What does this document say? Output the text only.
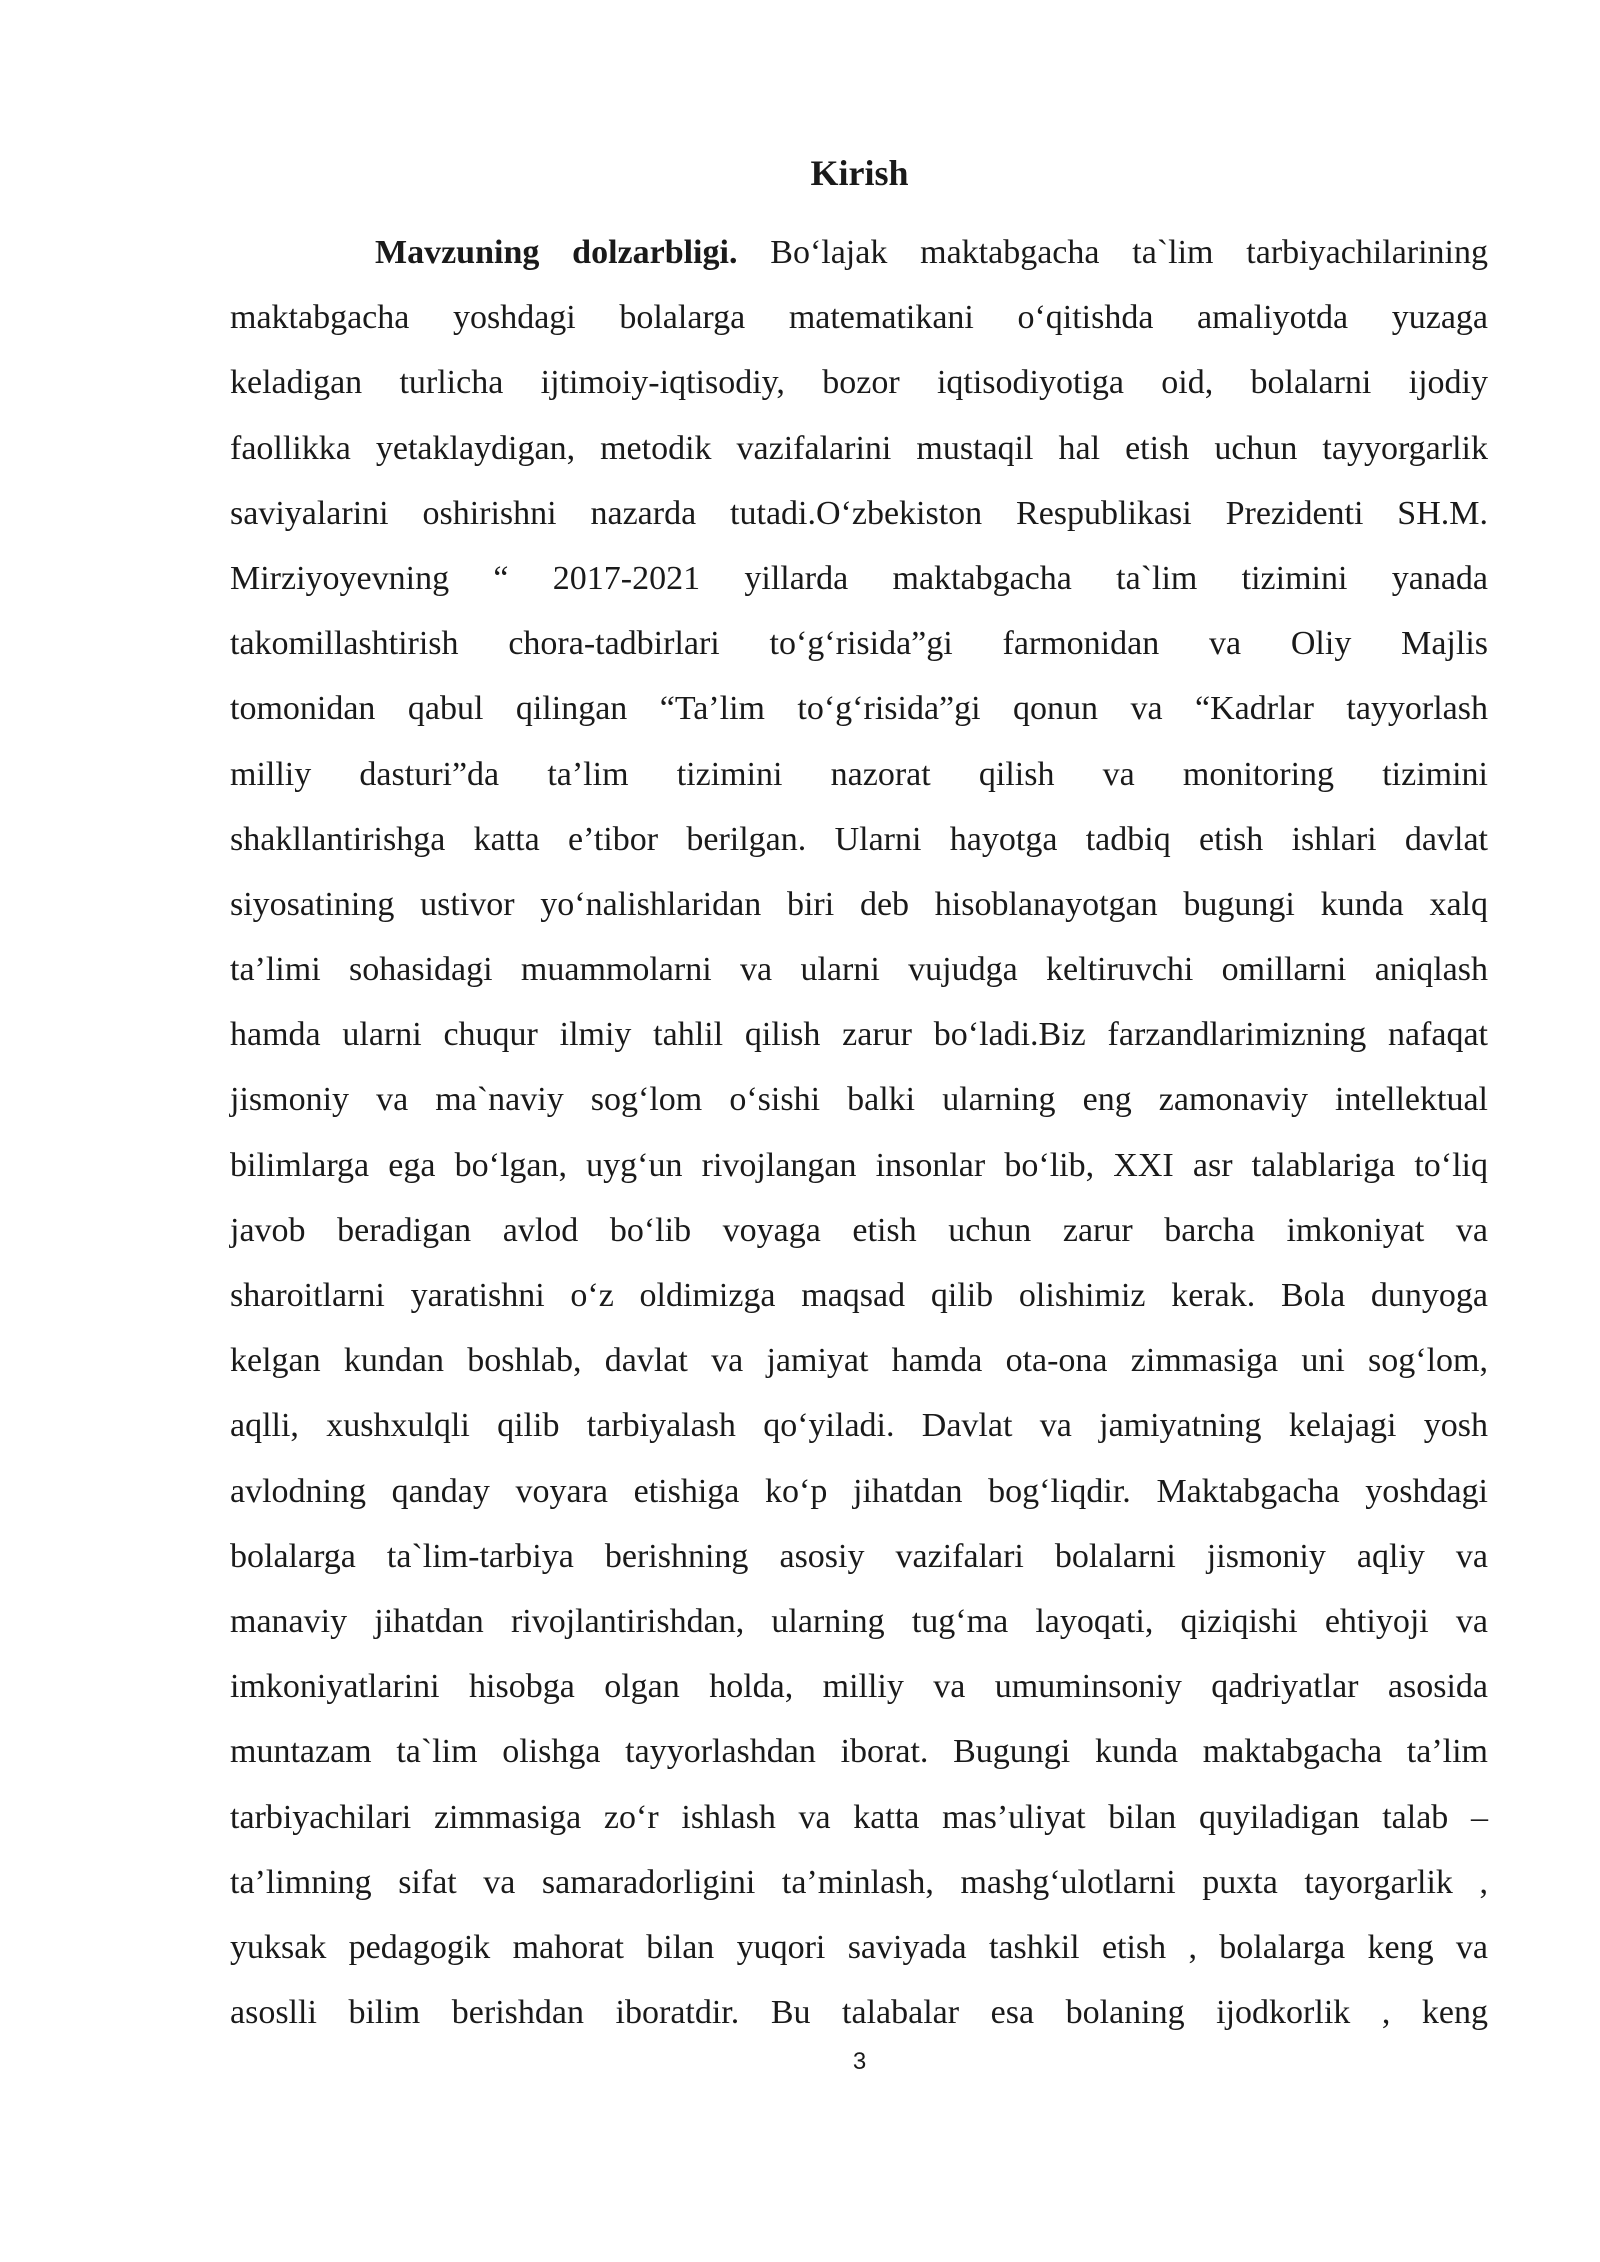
Kirish
Mavzuning dolzarbligi. Bo‘lajak maktabgacha ta`lim tarbiyachilarining
maktabgacha yoshdagi bolalarga matematikani o‘qitishda amaliyotda yuzaga
keladigan turlicha ijtimoiy-iqtisodiy, bozor iqtisodiyotiga oid, bolalarni ijodiy
faollikka yetaklaydigan, metodik vazifalarini mustaqil hal etish uchun tayyorgarlik
saviyalarini oshirishni nazarda tutadi.O‘zbekiston Respublikasi Prezidenti SH.M.
Mirziyoyevning “ 2017-2021 yillarda maktabgacha ta`lim tizimini yanada
takomillashtirish chora-tadbirlari to‘g‘risida”gi farmonidan va Oliy Majlis
tomonidan qabul qilingan “Ta’lim to‘g‘risida”gi qonun va “Kadrlar tayyorlash
milliy dasturi”da ta’lim tizimini nazorat qilish va monitoring tizimini
shakllantirishga katta e’tibor berilgan. Ularni hayotga tadbiq etish ishlari davlat
siyosatining ustivor yo‘nalishlaridan biri deb hisoblanayotgan bugungi kunda xalq
ta’limi sohasidagi muammolarni va ularni vujudga keltiruvchi omillarni aniqlash
hamda ularni chuqur ilmiy tahlil qilish zarur bo‘ladi.Biz farzandlarimizning nafaqat
jismoniy va ma`naviy sog‘lom o‘sishi balki ularning eng zamonaviy intellektual
bilimlarga ega bo‘lgan, uyg‘un rivojlangan insonlar bo‘lib, XXI asr talablariga to‘liq
javob beradigan avlod bo‘lib voyaga etish uchun zarur barcha imkoniyat va
sharoitlarni yaratishni o‘z oldimizga maqsad qilib olishimiz kerak. Bola dunyoga
kelgan kundan boshlab, davlat va jamiyat hamda ota-ona zimmasiga uni sog‘lom,
aqlli, xushxulqli qilib tarbiyalash qo‘yiladi. Davlat va jamiyatning kelajagi yosh
avlodning qanday voyara etishiga ko‘p jihatdan bog‘liqdir. Maktabgacha yoshdagi
bolalarga ta`lim-tarbiya berishning asosiy vazifalari bolalarni jismoniy aqliy va
manaviy jihatdan rivojlantirishdan, ularning tug‘ma layoqati, qiziqishi ehtiyoji va
imkoniyatlarini hisobga olgan holda, milliy va umuminsoniy qadriyatlar asosida
muntazam ta`lim olishga tayyorlashdan iborat. Bugungi kunda maktabgacha ta’lim
tarbiyachilari zimmasiga zo‘r ishlash va katta mas’uliyat bilan quyiladigan talab –
ta’limning sifat va samaradorligini ta’minlash, mashg‘ulotlarni puxta tayorgarlik ,
yuksak pedagogik mahorat bilan yuqori saviyada tashkil etish , bolalarga keng va
asoslli bilim berishdan iboratdir. Bu talabalar esa bolaning ijodkorlik , keng
3
